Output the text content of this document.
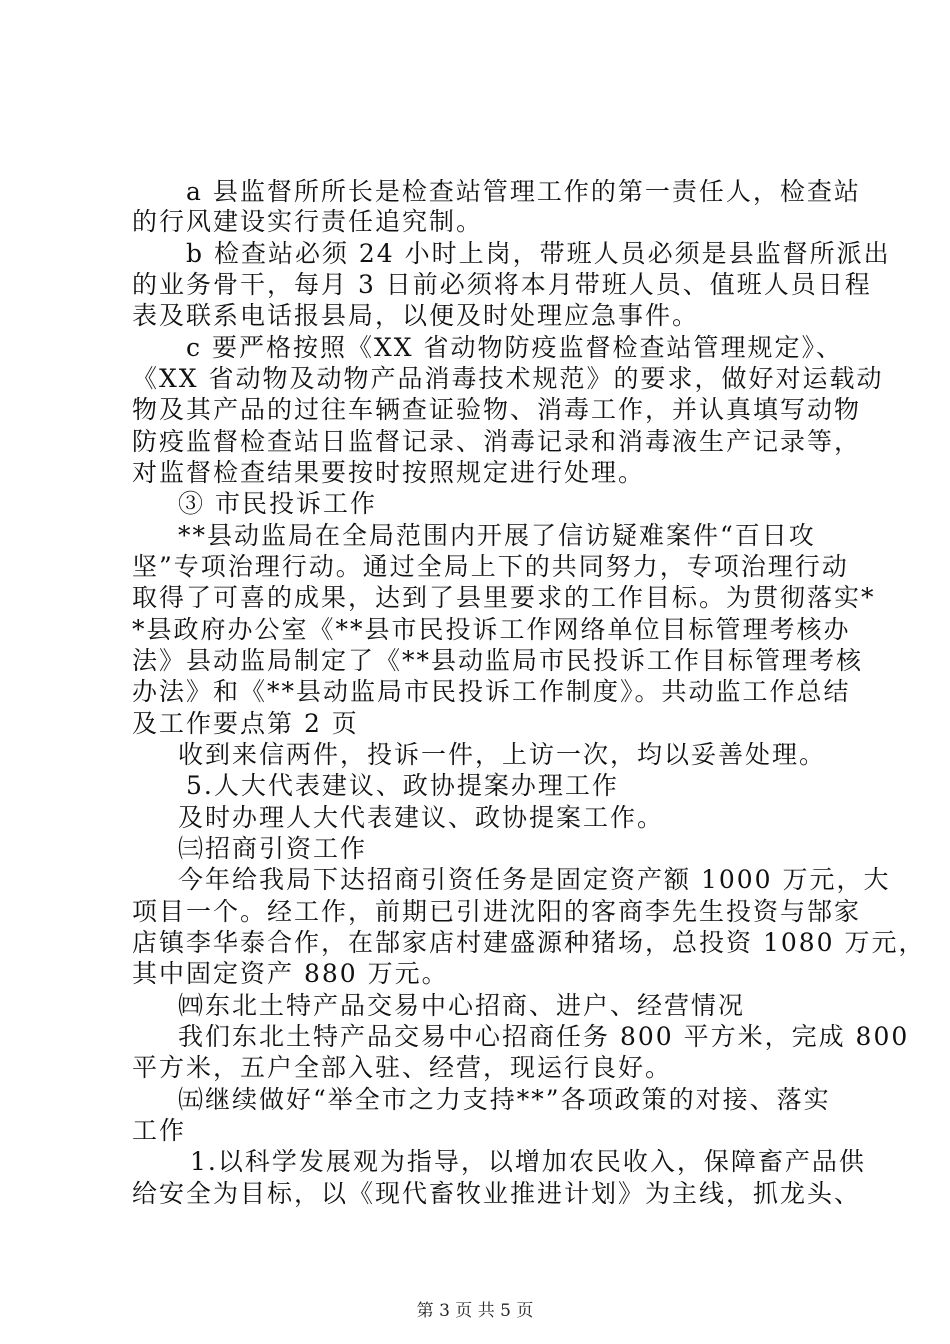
a 县监督所所长是检查站管理工作的第一责任人，检查站
的行风建设实行责任追究制。
b 检查站必须 24 小时上岗，带班人员必须是县监督所派出
的业务骨干，每月 3 日前必须将本月带班人员、值班人员日程
表及联系电话报县局，以便及时处理应急事件。
c 要严格按照《XX 省动物防疫监督检查站管理规定》、
《XX 省动物及动物产品消毒技术规范》的要求，做好对运载动
物及其产品的过往车辆查证验物、消毒工作，并认真填写动物
防疫监督检查站日监督记录、消毒记录和消毒液生产记录等，
对监督检查结果要按时按照规定进行处理。
③ 市民投诉工作
**县动监局在全局范围内开展了信访疑难案件“百日攻
坚”专项治理行动。通过全局上下的共同努力，专项治理行动
取得了可喜的成果，达到了县里要求的工作目标。为贯彻落实*
*县政府办公室《**县市民投诉工作网络单位目标管理考核办
法》县动监局制定了《**县动监局市民投诉工作目标管理考核
办法》和《**县动监局市民投诉工作制度》。共动监工作总结
及工作要点第 2 页
收到来信两件，投诉一件，上访一次，均以妥善处理。
5.人大代表建议、政协提案办理工作
及时办理人大代表建议、政协提案工作。
㈢招商引资工作
今年给我局下达招商引资任务是固定资产额 1000 万元，大
项目一个。经工作，前期已引进沈阳的客商李先生投资与郜家
店镇李华泰合作，在郜家店村建盛源种猪场，总投资 1080 万元，
其中固定资产 880 万元。
㈣东北土特产品交易中心招商、进户、经营情况
我们东北土特产品交易中心招商任务 800 平方米，完成 800
平方米，五户全部入驻、经营，现运行良好。
㈤继续做好“举全市之力支持**”各项政策的对接、落实
工作
1.以科学发展观为指导，以增加农民收入，保障畜产品供
给安全为目标，以《现代畜牧业推进计划》为主线，抓龙头、
第 3 页 共 5 页
